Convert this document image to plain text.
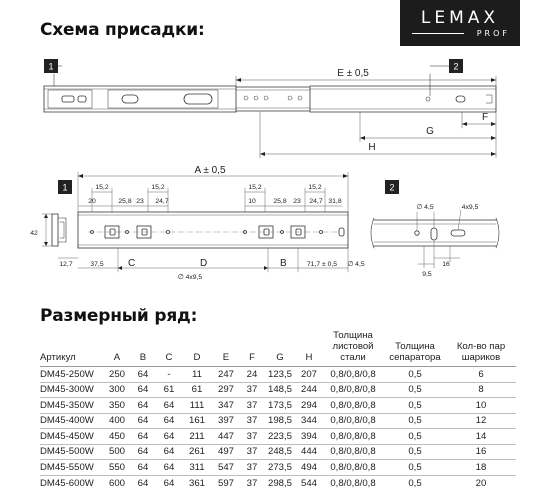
Схема присадки:
LEMAX
PROF
1	2
E ± 0,5
F
G
H
1
A ± 0,5
15,2	15,2	15,2	15,2
20	25,8 23 24,7	10	25,8 23 24,7 31,8
42
12,7	37,5 C	D	B
∅ 4x9,5
71,7 ± 0,5 ∅ 4,5
2
∅ 4,5	4x9,5
9,5
16
Размерный ряд:
Артикул	A	B	C	D	E	F	G	H	Толщина листовой стали	Толщина сепаратора	Кол-во пар шариков
DM45-250W	250	64	-	11	247	24	123,5	207	0,8/0,8/0,8	0,5	6
DM45-300W	300	64	61	61	297	37	148,5	244	0,8/0,8/0,8	0,5	8
DM45-350W	350	64	64	111	347	37	173,5	294	0,8/0,8/0,8	0,5	10
DM45-400W	400	64	64	161	397	37	198,5	344	0,8/0,8/0,8	0,5	12
DM45-450W	450	64	64	211	447	37	223,5	394	0,8/0,8/0,8	0,5	14
DM45-500W	500	64	64	261	497	37	248,5	444	0,8/0,8/0,8	0,5	16
DM45-550W	550	64	64	311	547	37	273,5	494	0,8/0,8/0,8	0,5	18
DM45-600W	600	64	64	361	597	37	298,5	544	0,8/0,8/0,8	0,5	20
